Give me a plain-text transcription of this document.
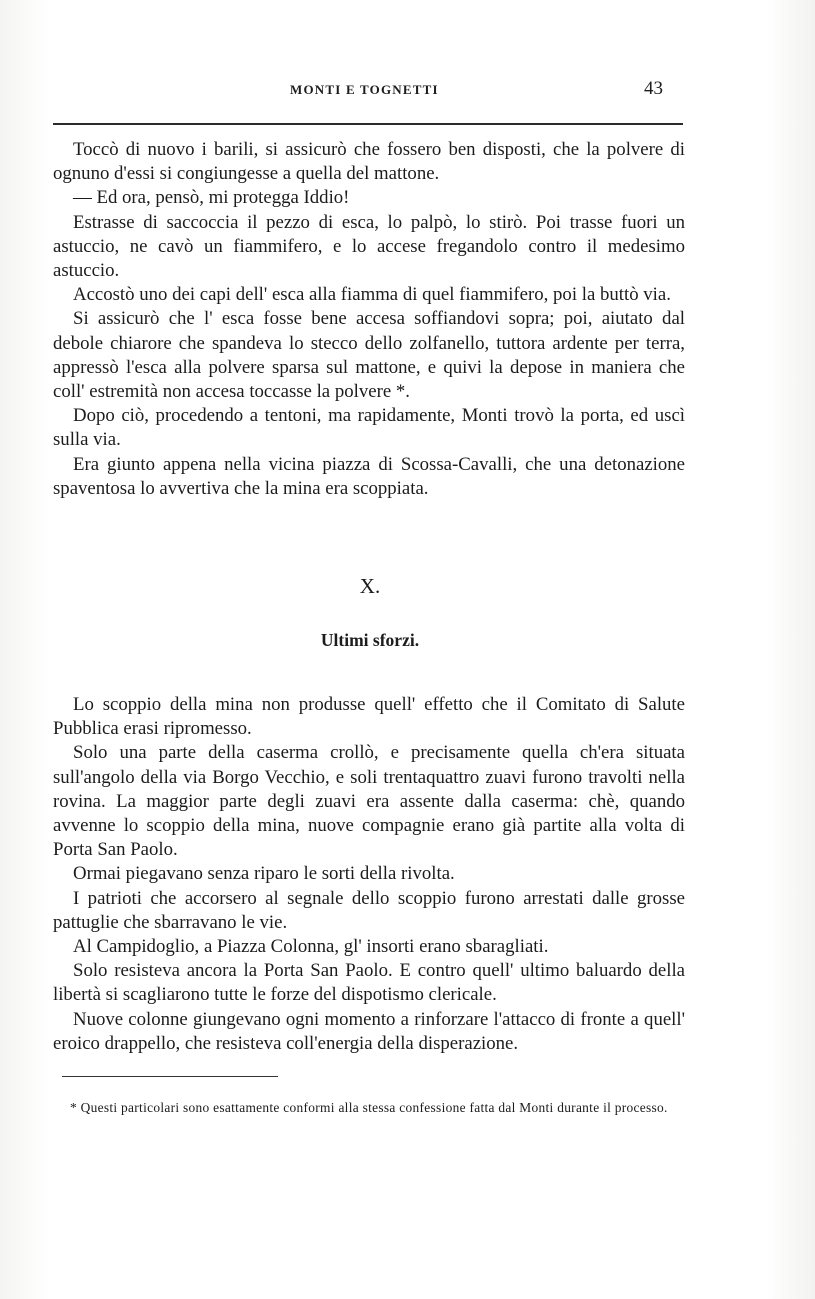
MONTI E TOGNETTI	43

Toccò di nuovo i barili, si assicurò che fossero ben disposti, che la polvere di ognuno d'essi si congiungesse a quella del mattone.

— Ed ora, pensò, mi protegga Iddio!

Estrasse di saccoccia il pezzo di esca, lo palpò, lo stirò. Poi trasse fuori un astuccio, ne cavò un fiammifero, e lo accese fregandolo contro il medesimo astuccio.

Accostò uno dei capi dell' esca alla fiamma di quel fiammifero, poi la buttò via.

Si assicurò che l' esca fosse bene accesa soffiandovi sopra; poi, aiutato dal debole chiarore che spandeva lo stecco dello zolfanello, tuttora ardente per terra, appressò l'esca alla polvere sparsa sul mattone, e quivi la depose in maniera che coll' estremità non accesa toccasse la polvere *.

Dopo ciò, procedendo a tentoni, ma rapidamente, Monti trovò la porta, ed uscì sulla via.

Era giunto appena nella vicina piazza di Scossa-Cavalli, che una detonazione spaventosa lo avvertiva che la mina era scoppiata.

X.
Ultimi sforzi.

Lo scoppio della mina non produsse quell' effetto che il Comitato di Salute Pubblica erasi ripromesso.

Solo una parte della caserma crollò, e precisamente quella ch'era situata sull'angolo della via Borgo Vecchio, e soli trentaquattro zuavi furono travolti nella rovina. La maggior parte degli zuavi era assente dalla caserma: chè, quando avvenne lo scoppio della mina, nuove compagnie erano già partite alla volta di Porta San Paolo.

Ormai piegavano senza riparo le sorti della rivolta.

I patrioti che accorsero al segnale dello scoppio furono arrestati dalle grosse pattuglie che sbarravano le vie.

Al Campidoglio, a Piazza Colonna, gl' insorti erano sbaragliati.

Solo resisteva ancora la Porta San Paolo. E contro quell' ultimo baluardo della libertà si scagliarono tutte le forze del dispotismo clericale.

Nuove colonne giungevano ogni momento a rinforzare l'attacco di fronte a quell' eroico drappello, che resisteva coll'energia della disperazione.

* Questi particolari sono esattamente conformi alla stessa confessione fatta dal Monti durante il processo.
